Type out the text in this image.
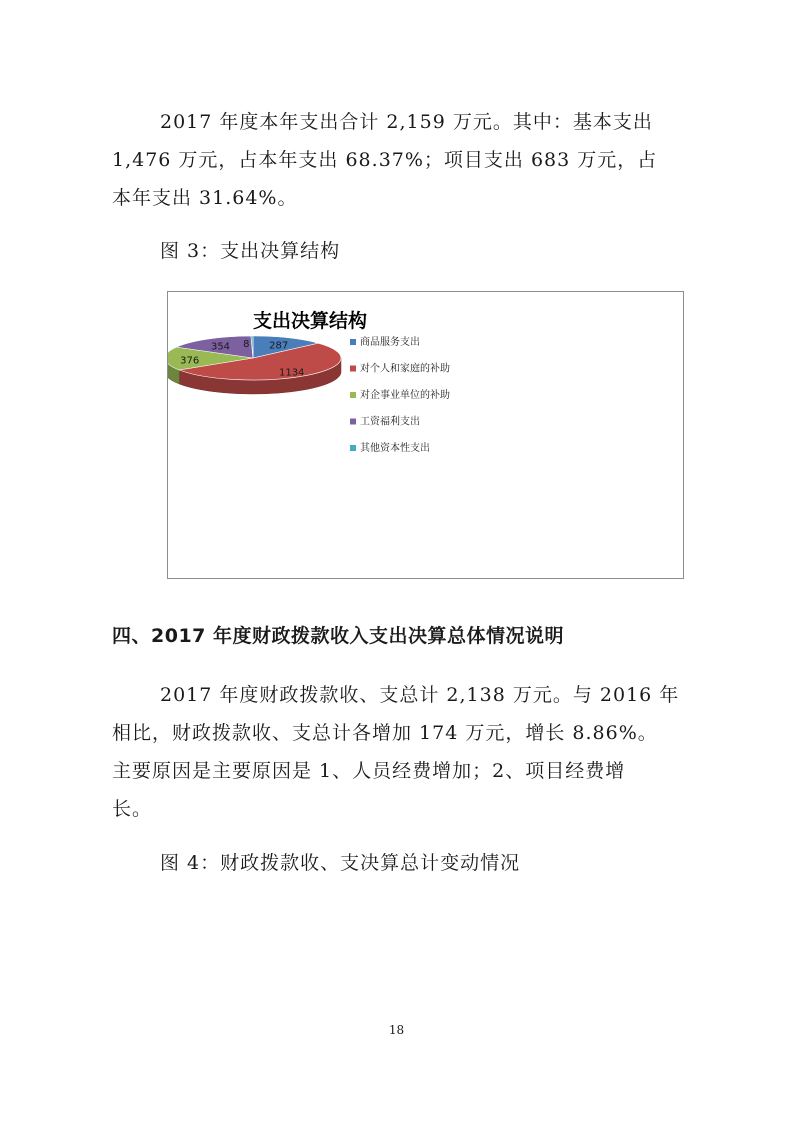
2017 年度本年支出合计 2,159 万元。其中：基本支出
1,476 万元，占本年支出 68.37%；项目支出 683 万元，占
本年支出 31.64%。

图 3：支出决算结构

支出决算结构
287
1134
376
354 8	商品服务支出
对个人和家庭的补助
对企事业单位的补助
工资福利支出
其他资本性支出

四、2017 年度财政拨款收入支出决算总体情况说明

2017 年度财政拨款收、支总计 2,138 万元。与 2016 年
相比，财政拨款收、支总计各增加 174 万元，增长 8.86%。
主要原因是主要原因是 1、人员经费增加；2、项目经费增
长。

图 4：财政拨款收、支决算总计变动情况

18
